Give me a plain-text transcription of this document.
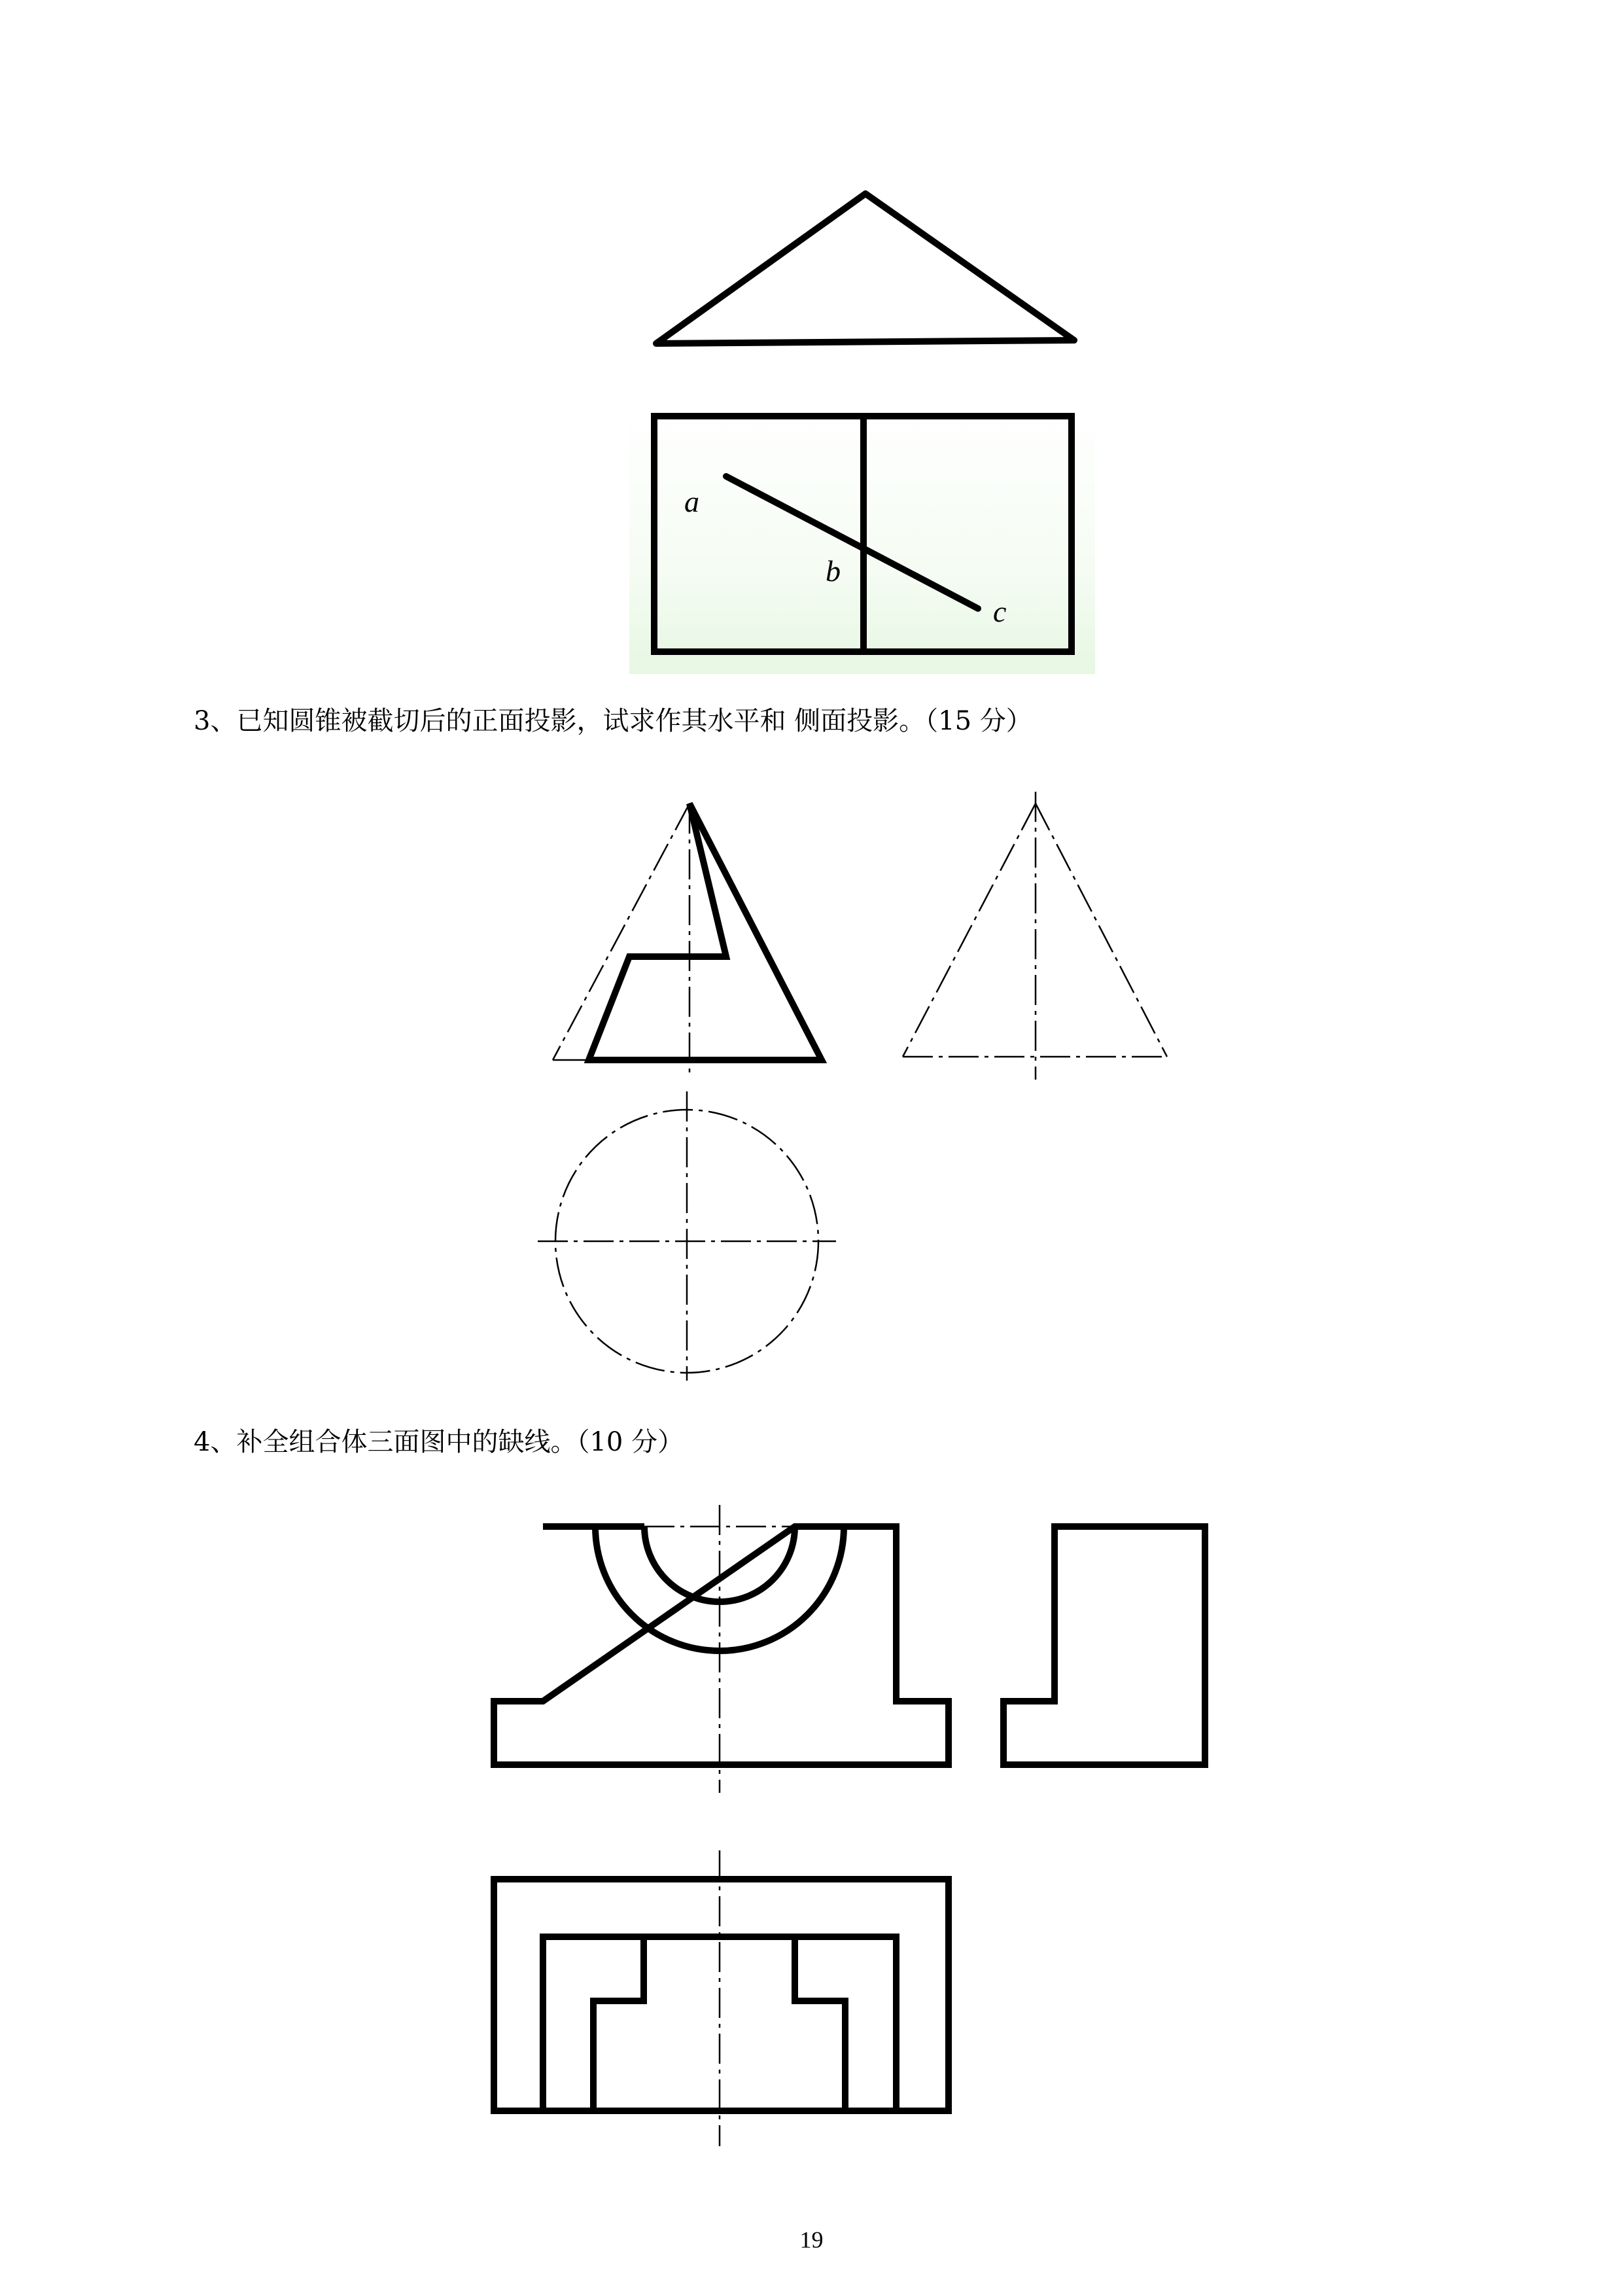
a
b
c
3、已知圆锥被截切后的正面投影，试求作其水平和 侧面投影。（15 分）
4、补全组合体三面图中的缺线。（10 分）
19
